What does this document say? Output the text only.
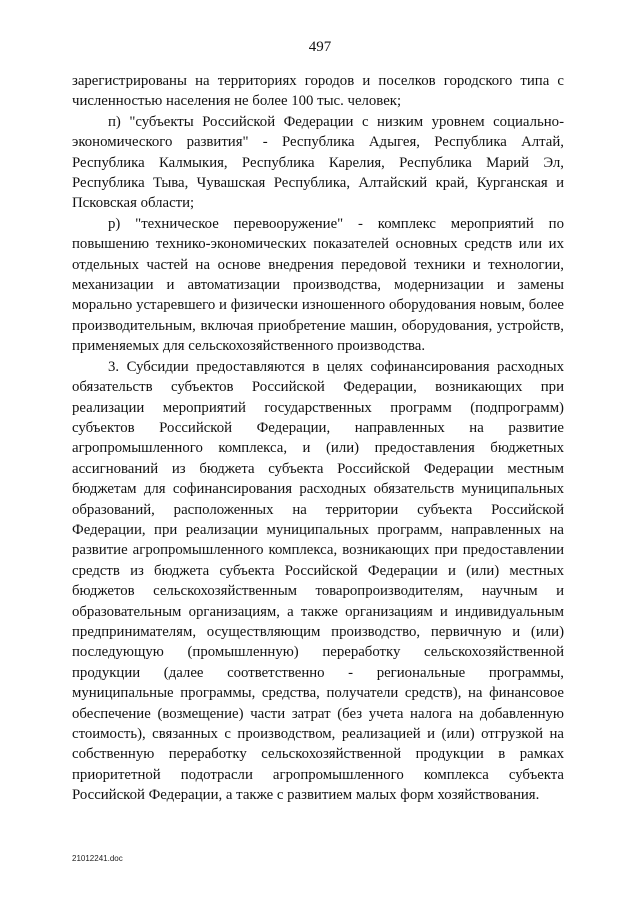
497

зарегистрированы на территориях городов и поселков городского типа с численностью населения не более 100 тыс. человек;

п) "субъекты Российской Федерации с низким уровнем социально-экономического развития" - Республика Адыгея, Республика Алтай, Республика Калмыкия, Республика Карелия, Республика Марий Эл, Республика Тыва, Чувашская Республика, Алтайский край, Курганская и Псковская области;

р) "техническое перевооружение" - комплекс мероприятий по повышению технико-экономических показателей основных средств или их отдельных частей на основе внедрения передовой техники и технологии, механизации и автоматизации производства, модернизации и замены морально устаревшего и физически изношенного оборудования новым, более производительным, включая приобретение машин, оборудования, устройств, применяемых для сельскохозяйственного производства.

3. Субсидии предоставляются в целях софинансирования расходных обязательств субъектов Российской Федерации, возникающих при реализации мероприятий государственных программ (подпрограмм) субъектов Российской Федерации, направленных на развитие агропромышленного комплекса, и (или) предоставления бюджетных ассигнований из бюджета субъекта Российской Федерации местным бюджетам для софинансирования расходных обязательств муниципальных образований, расположенных на территории субъекта Российской Федерации, при реализации муниципальных программ, направленных на развитие агропромышленного комплекса, возникающих при предоставлении средств из бюджета субъекта Российской Федерации и (или) местных бюджетов сельскохозяйственным товаропроизводителям, научным и образовательным организациям, а также организациям и индивидуальным предпринимателям, осуществляющим производство, первичную и (или) последующую (промышленную) переработку сельскохозяйственной продукции (далее соответственно - региональные программы, муниципальные программы, средства, получатели средств), на финансовое обеспечение (возмещение) части затрат (без учета налога на добавленную стоимость), связанных с производством, реализацией и (или) отгрузкой на собственную переработку сельскохозяйственной продукции в рамках приоритетной подотрасли агропромышленного комплекса субъекта Российской Федерации, а также с развитием малых форм хозяйствования.

21012241.doc
